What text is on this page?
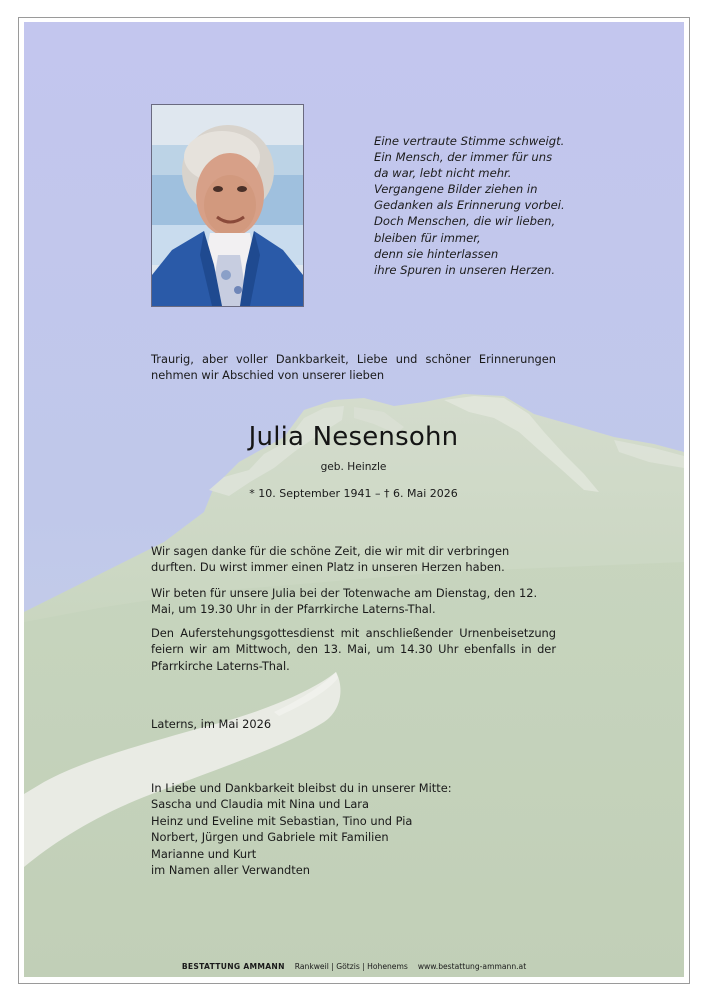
Eine vertraute Stimme schweigt.
Ein Mensch, der immer für uns
da war, lebt nicht mehr.
Vergangene Bilder ziehen in
Gedanken als Erinnerung vorbei.
Doch Menschen, die wir lieben,
bleiben für immer,
denn sie hinterlassen
ihre Spuren in unseren Herzen.
Traurig, aber voller Dankbarkeit, Liebe und schöner Erinnerungen nehmen wir Abschied von unserer lieben
Julia Nesensohn
geb. Heinzle
* 10. September 1941 – † 6. Mai 2026
Wir sagen danke für die schöne Zeit, die wir mit dir verbringen durften. Du wirst immer einen Platz in unseren Herzen haben.
Wir beten für unsere Julia bei der Totenwache am Dienstag, den 12. Mai, um 19.30 Uhr in der Pfarrkirche Laterns-Thal.
Den Auferstehungsgottesdienst mit anschließender Urnenbeisetzung feiern wir am Mittwoch, den 13. Mai, um 14.30 Uhr ebenfalls in der Pfarrkirche Laterns-Thal.
Laterns, im Mai 2026
In Liebe und Dankbarkeit bleibst du in unserer Mitte:
Sascha und Claudia mit Nina und Lara
Heinz und Eveline mit Sebastian, Tino und Pia
Norbert, Jürgen und Gabriele mit Familien
Marianne und Kurt
im Namen aller Verwandten
BESTATTUNG AMMANN Rankweil | Götzis | Hohenems www.bestattung-ammann.at
